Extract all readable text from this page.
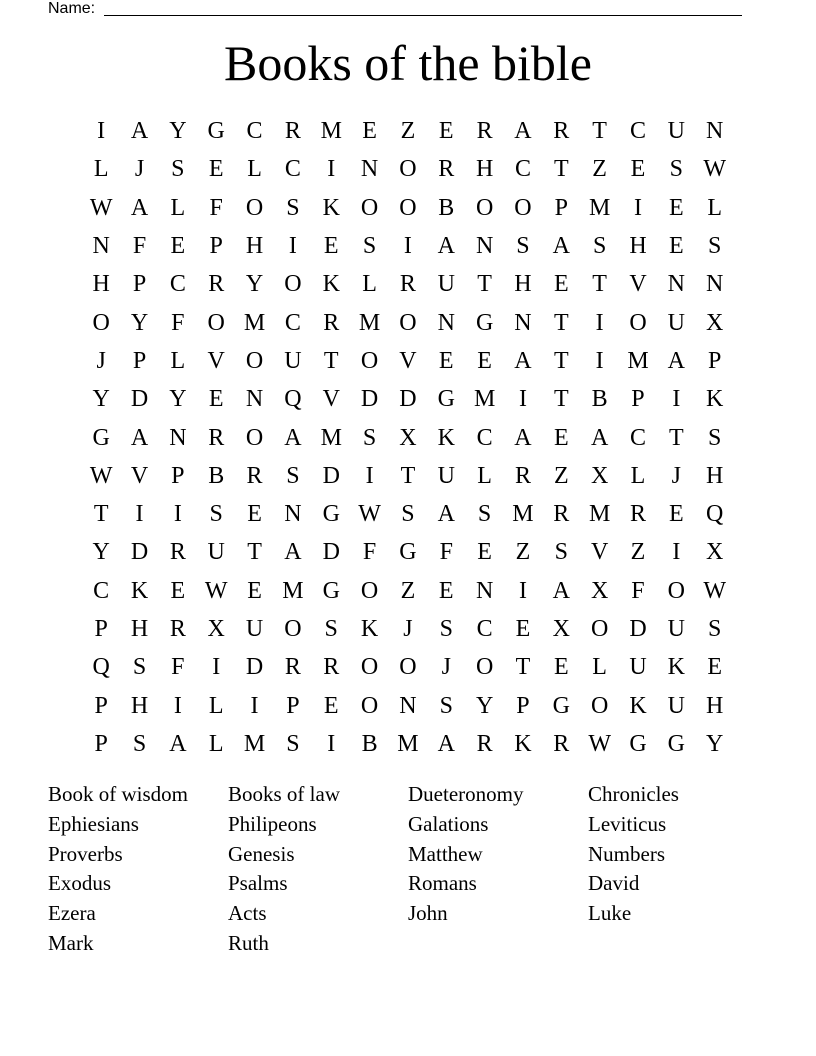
Name:
Books of the bible
I	A Y G C R M E Z E R A R T C U N
L	J	S	E L C	I	N O R H C T Z E	S W
W A L	F O S K O O B O O P M I	E L
N F	E	P H	I	E	S	I	A N S A S H E	S
H P C R Y O K L R U T H E T V N N
O Y F O M C R M O N G N T	I	O U X
J	P	L V O U T O V E E A T	I M A P
Y D Y E N Q V D D G M I	T B P	I	K
G A N R O A M S X K C A E A C T	S
W V P B R S D	I	T U L R Z X L	J	H
T	I	I	S	E N G W S A S M R M R E Q
Y D R U T A D F G F	E Z	S V Z	I	X
C K E W E M G O Z E N	I	A X F O W
P H R X U O S K	J	S C E X O D U S
Q S	F	I	D R R O O	J	O T E L U K E
P H	I	L	I	P	E O N S Y P G O K U H
P	S A L M S	I	B M A R K R W G G Y
Book of wisdom	Books of law	Dueteronomy	Chronicles
Ephiesians	Philipeons	Galations	Leviticus
Proverbs	Genesis	Matthew	Numbers
Exodus	Psalms	Romans	David
Ezera	Acts	John	Luke
Mark	Ruth
